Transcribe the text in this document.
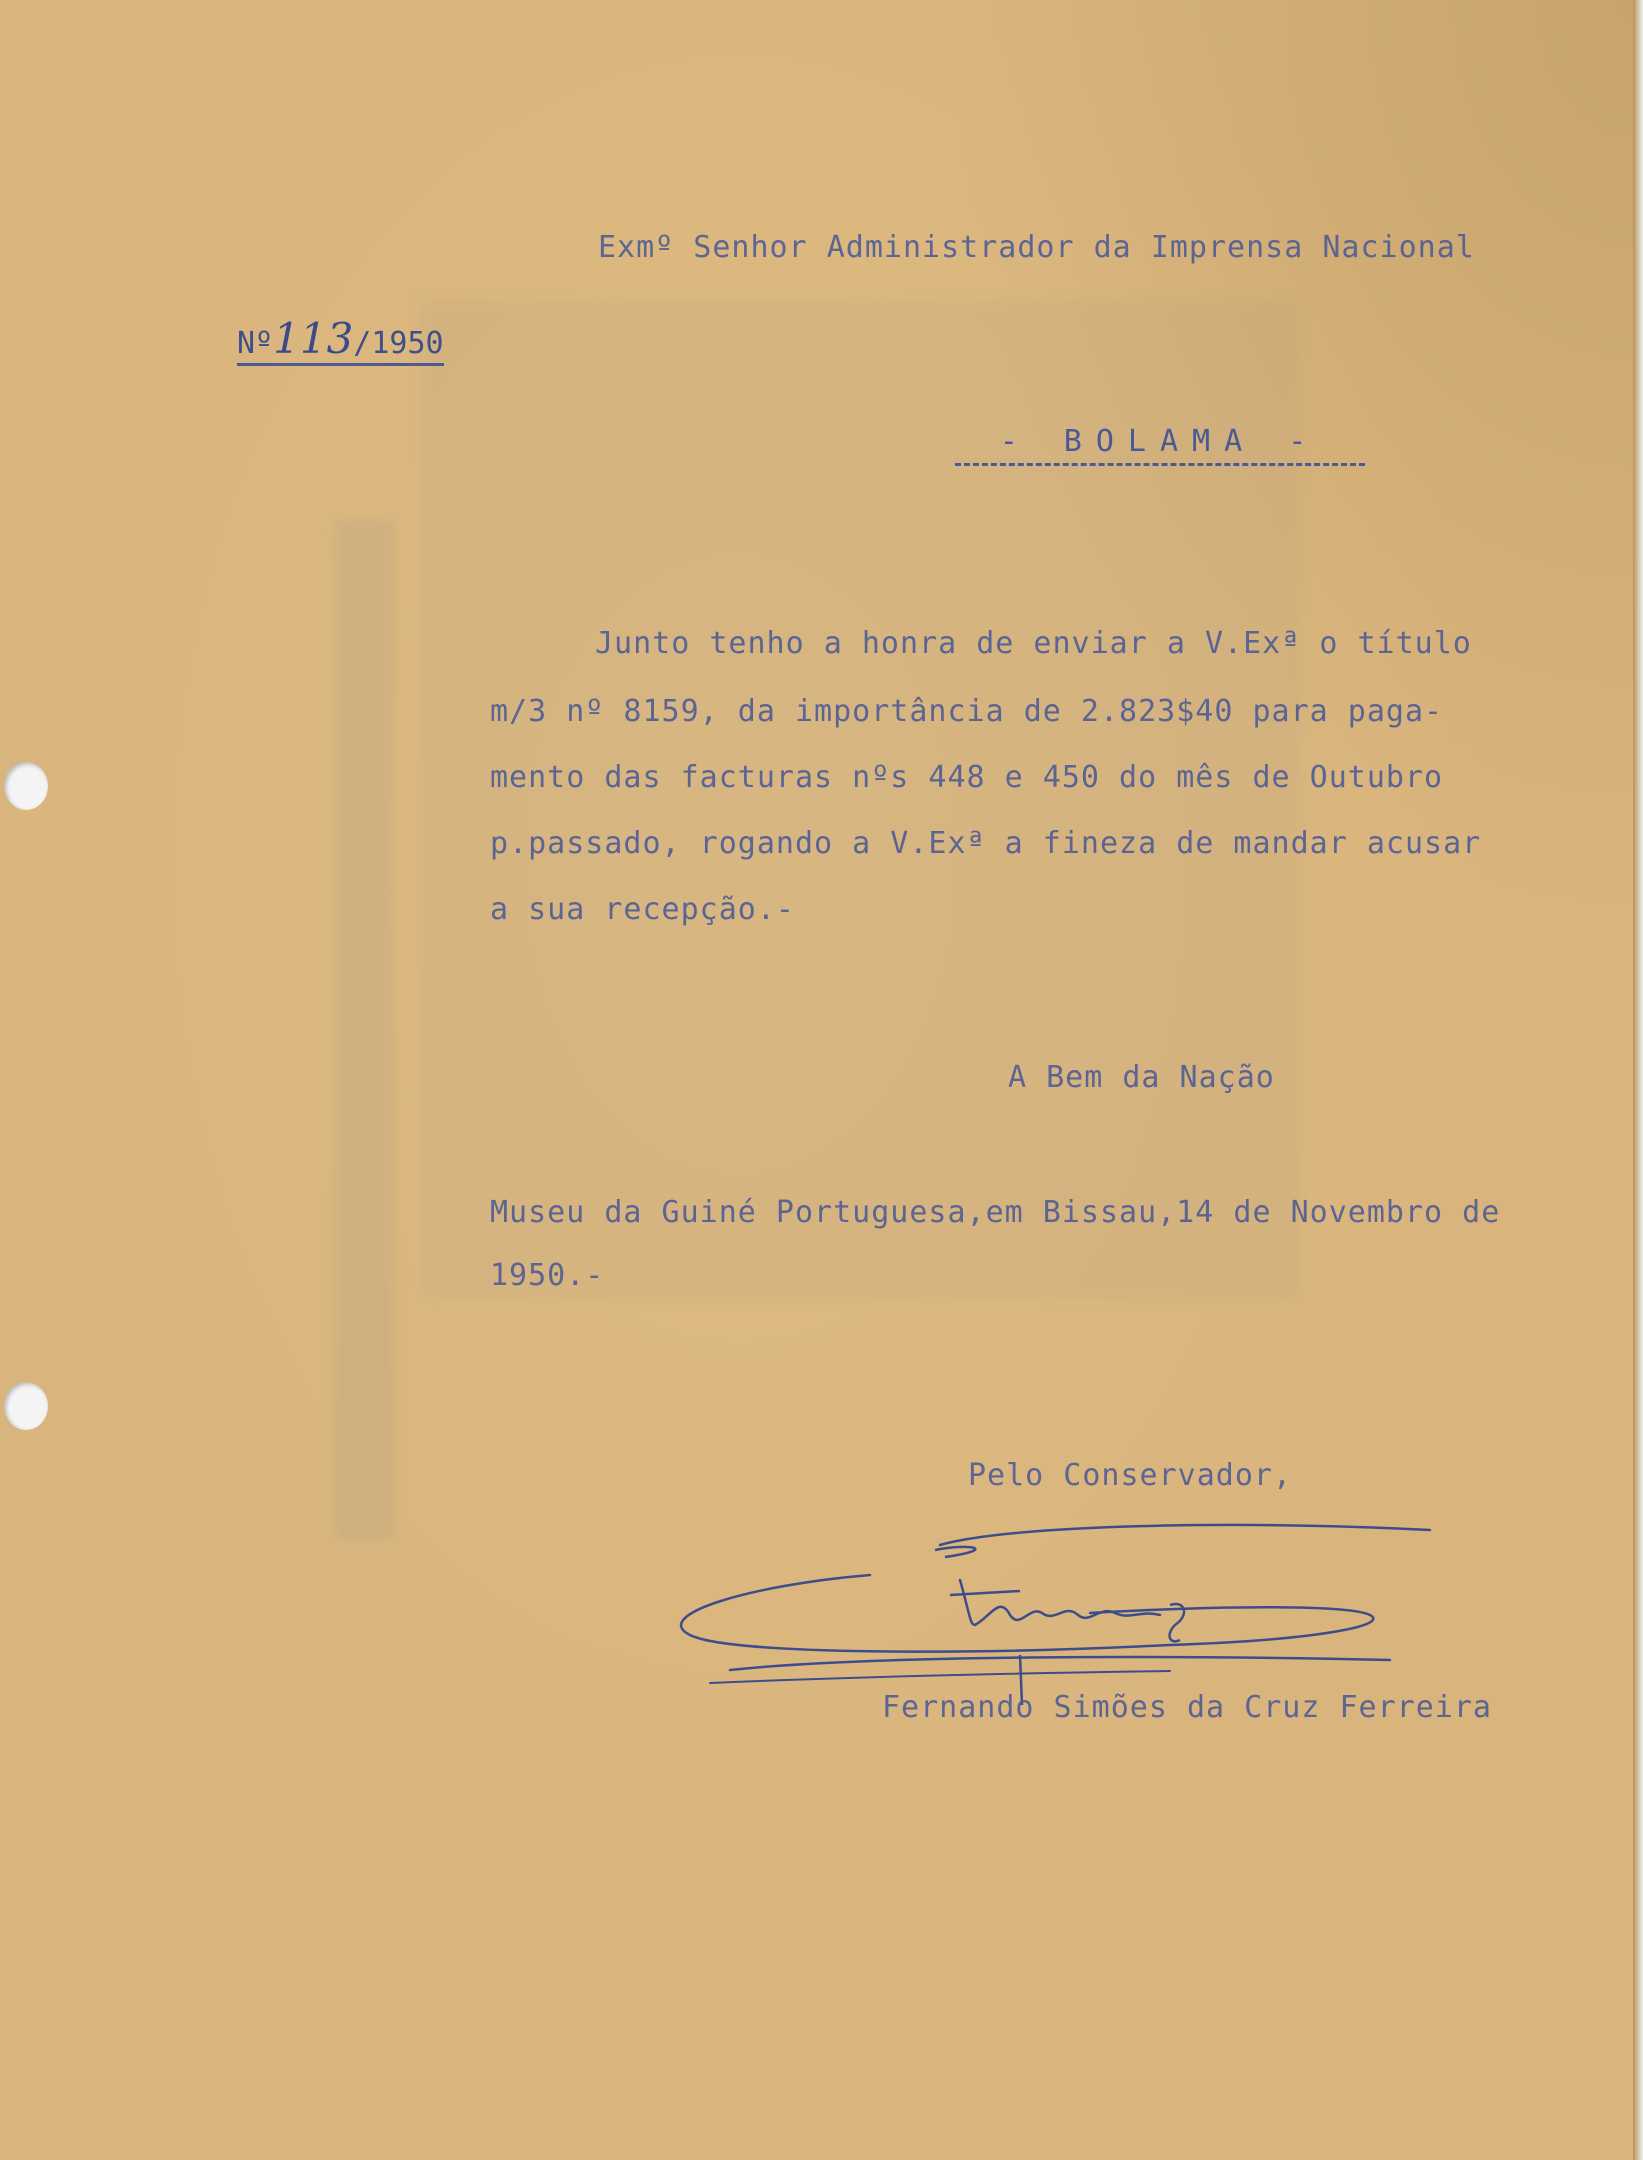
Exmº Senhor Administrador da Imprensa Nacional
Nº113/1950
- BOLAMA -
Junto tenho a honra de enviar a V.Exª o título
m/3 nº 8159, da importância de 2.823$40 para paga-
mento das facturas nºs 448 e 450 do mês de Outubro
p.passado, rogando a V.Exª a fineza de mandar acusar
a sua recepção.-
A Bem da Nação
Museu da Guiné Portuguesa,em Bissau,14 de Novembro de
1950.-
Pelo Conservador,
Fernando Simões da Cruz Ferreira
